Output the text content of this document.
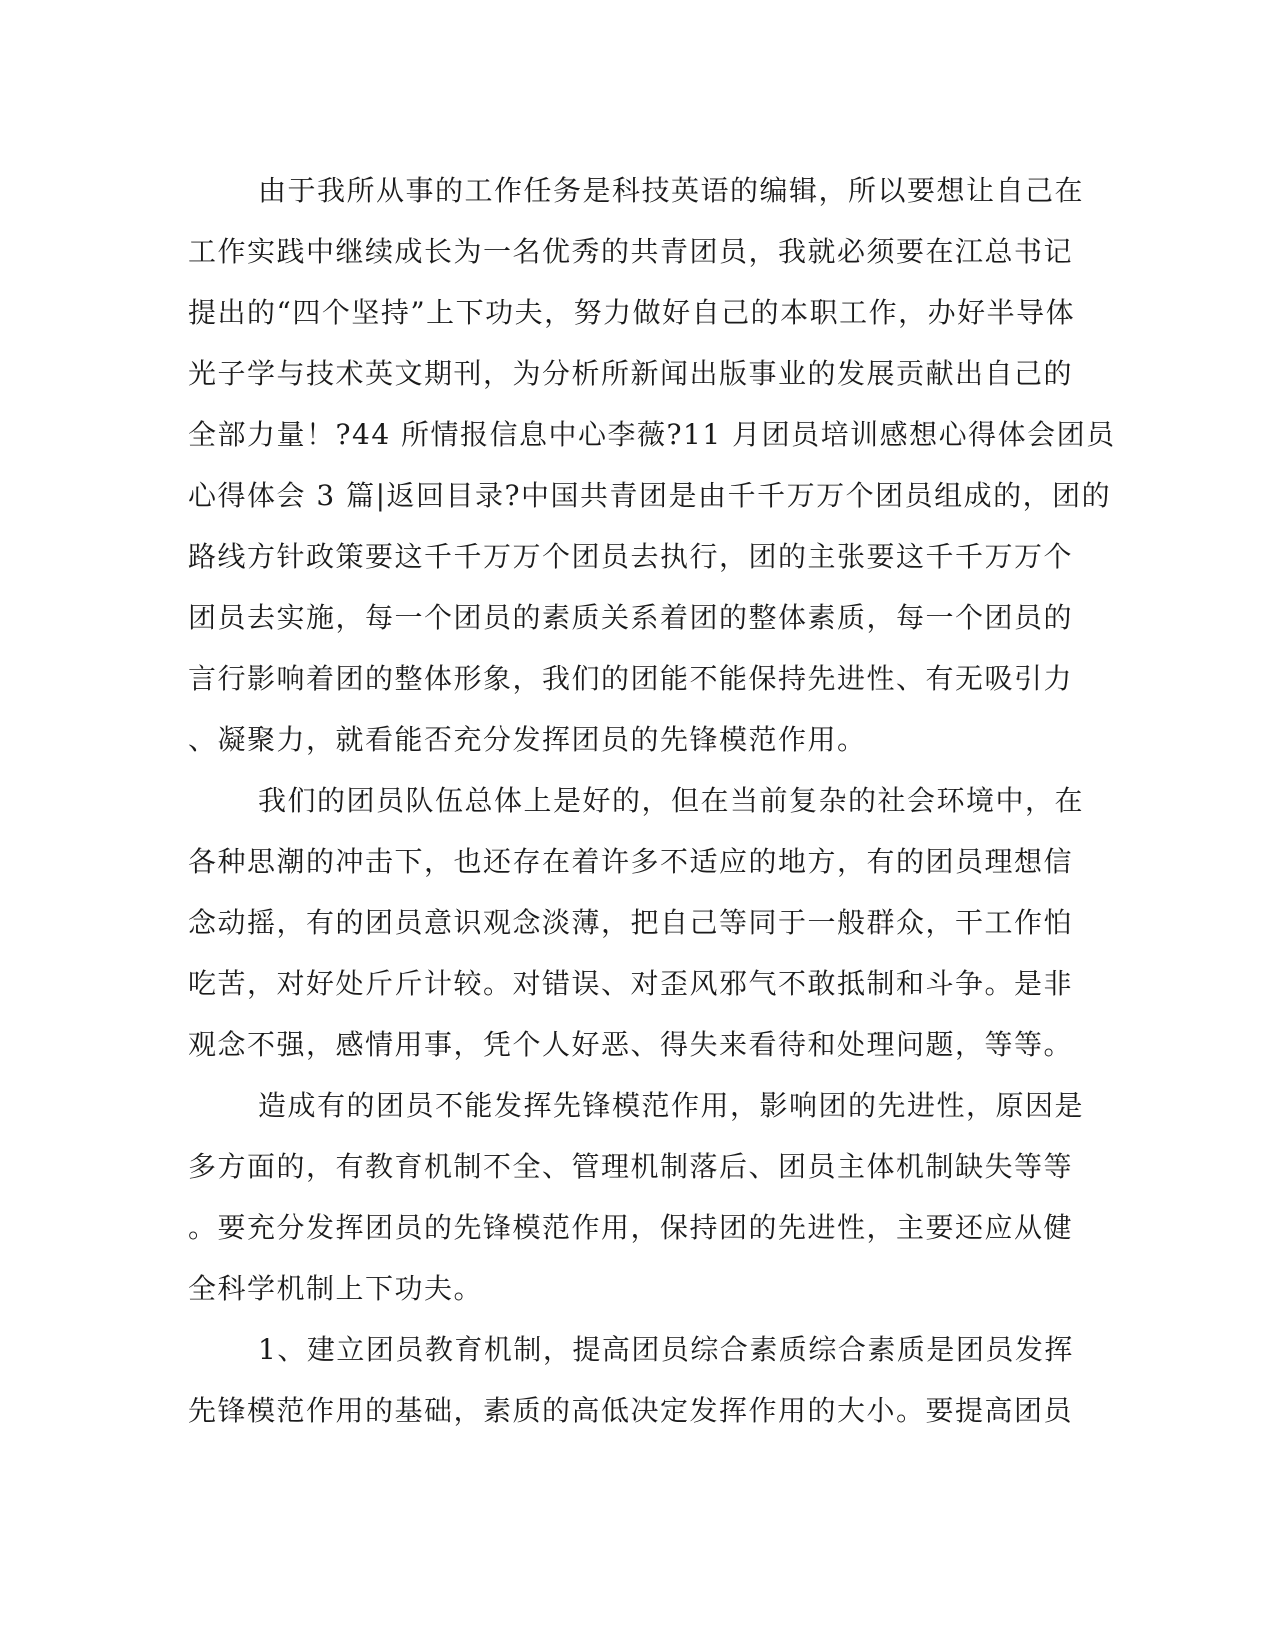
由于我所从事的工作任务是科技英语的编辑，所以要想让自己在
工作实践中继续成长为一名优秀的共青团员，我就必须要在江总书记
提出的“四个坚持”上下功夫，努力做好自己的本职工作，办好半导体
光子学与技术英文期刊，为分析所新闻出版事业的发展贡献出自己的
全部力量！?44 所情报信息中心李薇?11 月团员培训感想心得体会团员
心得体会 3 篇|返回目录?中国共青团是由千千万万个团员组成的，团的
路线方针政策要这千千万万个团员去执行，团的主张要这千千万万个
团员去实施，每一个团员的素质关系着团的整体素质，每一个团员的
言行影响着团的整体形象，我们的团能不能保持先进性、有无吸引力
、凝聚力，就看能否充分发挥团员的先锋模范作用。
我们的团员队伍总体上是好的，但在当前复杂的社会环境中，在
各种思潮的冲击下，也还存在着许多不适应的地方，有的团员理想信
念动摇，有的团员意识观念淡薄，把自己等同于一般群众，干工作怕
吃苦，对好处斤斤计较。对错误、对歪风邪气不敢抵制和斗争。是非
观念不强，感情用事，凭个人好恶、得失来看待和处理问题，等等。
造成有的团员不能发挥先锋模范作用，影响团的先进性，原因是
多方面的，有教育机制不全、管理机制落后、团员主体机制缺失等等
。要充分发挥团员的先锋模范作用，保持团的先进性，主要还应从健
全科学机制上下功夫。
1、建立团员教育机制，提高团员综合素质综合素质是团员发挥
先锋模范作用的基础，素质的高低决定发挥作用的大小。要提高团员
